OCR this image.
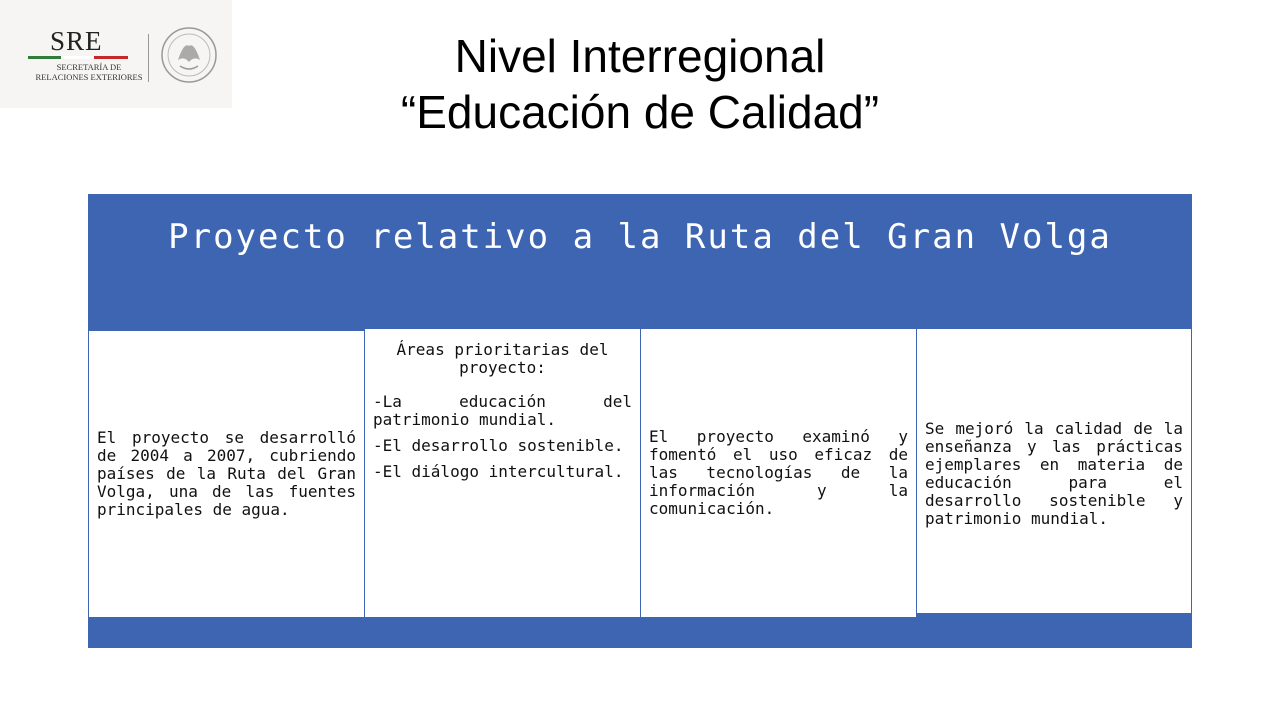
SRE
SECRETARÍA DE
RELACIONES EXTERIORES	Nivel Interregional
“Educación de Calidad”
Proyecto relativo a la Ruta del Gran Volga

El proyecto se desarrolló de 2004 a 2007, cubriendo países de la Ruta del Gran Volga, una de las fuentes principales de agua.

Áreas prioritarias del proyecto:

-La educación del patrimonio mundial.

-El desarrollo sostenible.

-El diálogo intercultural.

El proyecto examinó y fomentó el uso eficaz de las tecnologías de la información y la comunicación.

Se mejoró la calidad de la enseñanza y las prácticas ejemplares en materia de educación para el desarrollo sostenible y patrimonio mundial.
